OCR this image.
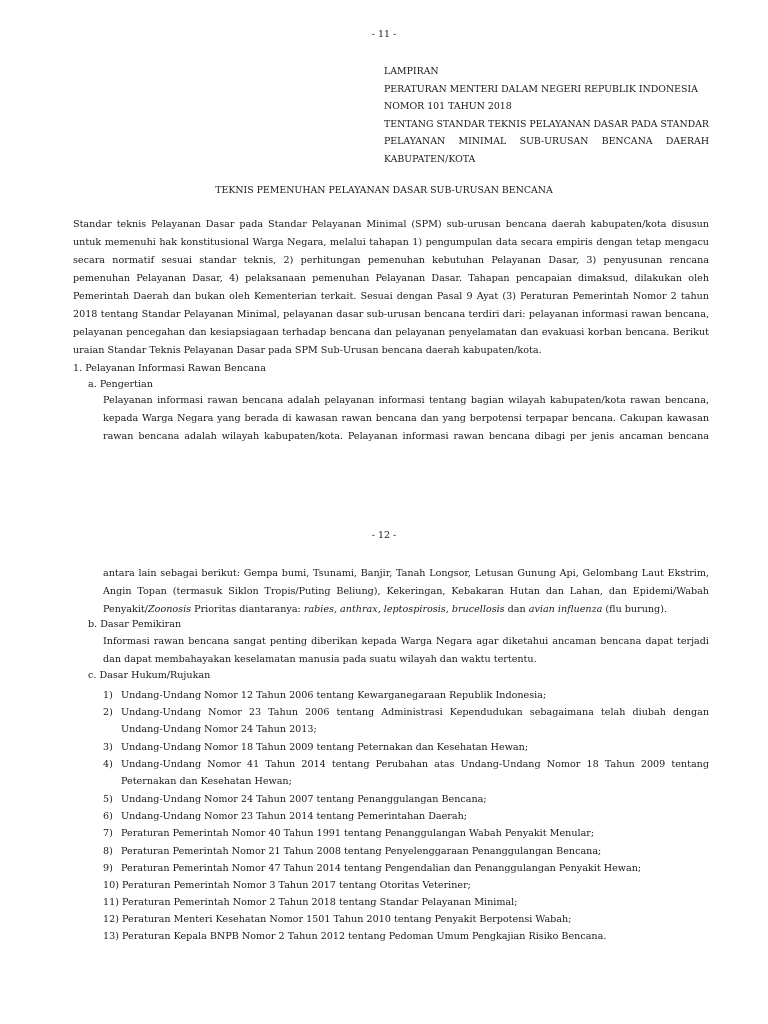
- 11 -
LAMPIRAN
PERATURAN MENTERI DALAM NEGERI REPUBLIK INDONESIA
NOMOR 101 TAHUN 2018
TENTANG STANDAR TEKNIS PELAYANAN DASAR PADA STANDAR
PELAYANAN MINIMAL SUB-URUSAN BENCANA DAERAH
KABUPATEN/KOTA
TEKNIS PEMENUHAN PELAYANAN DASAR SUB-URUSAN BENCANA
Standar teknis Pelayanan Dasar pada Standar Pelayanan Minimal (SPM) sub-urusan bencana daerah kabupaten/kota disusun
untuk memenuhi hak konstitusional Warga Negara, melalui tahapan 1) pengumpulan data secara empiris dengan tetap mengacu
secara normatif sesuai standar teknis, 2) perhitungan pemenuhan kebutuhan Pelayanan Dasar, 3) penyusunan rencana
pemenuhan Pelayanan Dasar, 4) pelaksanaan pemenuhan Pelayanan Dasar. Tahapan pencapaian dimaksud, dilakukan oleh
Pemerintah Daerah dan bukan oleh Kementerian terkait. Sesuai dengan Pasal 9 Ayat (3) Peraturan Pemerintah Nomor 2 tahun
2018 tentang Standar Pelayanan Minimal, pelayanan dasar sub-urusan bencana terdiri dari: pelayanan informasi rawan bencana,
pelayanan pencegahan dan kesiapsiagaan terhadap bencana dan pelayanan penyelamatan dan evakuasi korban bencana. Berikut
uraian Standar Teknis Pelayanan Dasar pada SPM Sub-Urusan bencana daerah kabupaten/kota.
1. Pelayanan Informasi Rawan Bencana
a. Pengertian
Pelayanan informasi rawan bencana adalah pelayanan informasi tentang bagian wilayah kabupaten/kota rawan bencana,
kepada Warga Negara yang berada di kawasan rawan bencana dan yang berpotensi terpapar bencana. Cakupan kawasan
rawan bencana adalah wilayah kabupaten/kota. Pelayanan informasi rawan bencana dibagi per jenis ancaman bencana
- 12 -
antara lain sebagai berikut: Gempa bumi, Tsunami, Banjir, Tanah Longsor, Letusan Gunung Api, Gelombang Laut Ekstrim,
Angin Topan (termasuk Siklon Tropis/Puting Beliung), Kekeringan, Kebakaran Hutan dan Lahan, dan Epidemi/Wabah
Penyakit/Zoonosis Prioritas diantaranya: rabies, anthrax, leptospirosis, brucellosis dan avian influenza (flu burung).
b. Dasar Pemikiran
Informasi rawan bencana sangat penting diberikan kepada Warga Negara agar diketahui ancaman bencana dapat terjadi
dan dapat membahayakan keselamatan manusia pada suatu wilayah dan waktu tertentu.
c. Dasar Hukum/Rujukan
1) Undang-Undang Nomor 12 Tahun 2006 tentang Kewarganegaraan Republik Indonesia;
2) Undang-Undang Nomor 23 Tahun 2006 tentang Administrasi Kependudukan sebagaimana telah diubah dengan
Undang-Undang Nomor 24 Tahun 2013;
3) Undang-Undang Nomor 18 Tahun 2009 tentang Peternakan dan Kesehatan Hewan;
4) Undang-Undang Nomor 41 Tahun 2014 tentang Perubahan atas Undang-Undang Nomor 18 Tahun 2009 tentang
Peternakan dan Kesehatan Hewan;
5) Undang-Undang Nomor 24 Tahun 2007 tentang Penanggulangan Bencana;
6) Undang-Undang Nomor 23 Tahun 2014 tentang Pemerintahan Daerah;
7) Peraturan Pemerintah Nomor 40 Tahun 1991 tentang Penanggulangan Wabah Penyakit Menular;
8) Peraturan Pemerintah Nomor 21 Tahun 2008 tentang Penyelenggaraan Penanggulangan Bencana;
9) Peraturan Pemerintah Nomor 47 Tahun 2014 tentang Pengendalian dan Penanggulangan Penyakit Hewan;
10) Peraturan Pemerintah Nomor 3 Tahun 2017 tentang Otoritas Veteriner;
11) Peraturan Pemerintah Nomor 2 Tahun 2018 tentang Standar Pelayanan Minimal;
12) Peraturan Menteri Kesehatan Nomor 1501 Tahun 2010 tentang Penyakit Berpotensi Wabah;
13) Peraturan Kepala BNPB Nomor 2 Tahun 2012 tentang Pedoman Umum Pengkajian Risiko Bencana.
